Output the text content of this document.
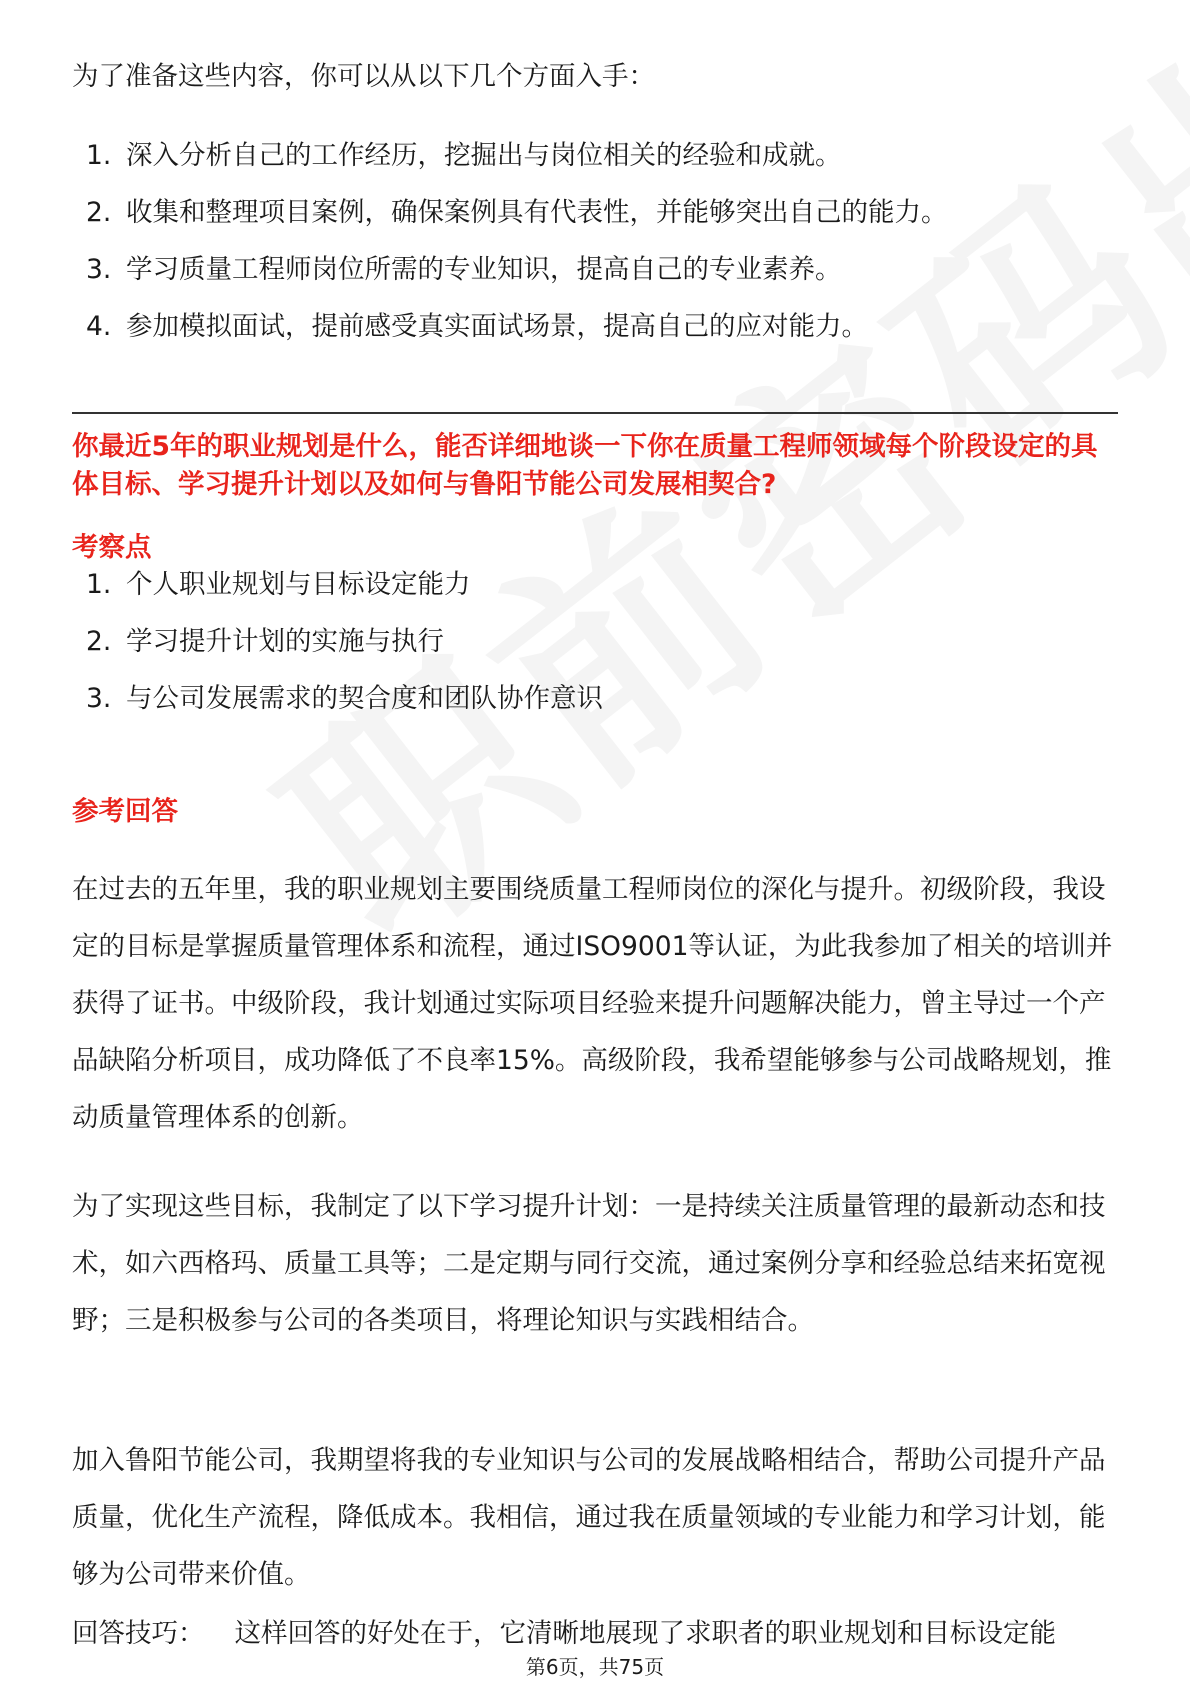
为了准备这些内容，你可以从以下几个方面入手：
1. 深入分析自己的工作经历，挖掘出与岗位相关的经验和成就。
2. 收集和整理项目案例，确保案例具有代表性，并能够突出自己的能力。
3. 学习质量工程师岗位所需的专业知识，提高自己的专业素养。
4. 参加模拟面试，提前感受真实面试场景，提高自己的应对能力。
你最近5年的职业规划是什么，能否详细地谈一下你在质量工程师领域每个阶段设定的具体目标、学习提升计划以及如何与鲁阳节能公司发展相契合?
考察点
1. 个人职业规划与目标设定能力
2. 学习提升计划的实施与执行
3. 与公司发展需求的契合度和团队协作意识
参考回答
在过去的五年里，我的职业规划主要围绕质量工程师岗位的深化与提升。初级阶段，我设定的目标是掌握质量管理体系和流程，通过ISO9001等认证，为此我参加了相关的培训并获得了证书。中级阶段，我计划通过实际项目经验来提升问题解决能力，曾主导过一个产品缺陷分析项目，成功降低了不良率15%。高级阶段，我希望能够参与公司战略规划，推动质量管理体系的创新。
为了实现这些目标，我制定了以下学习提升计划：一是持续关注质量管理的最新动态和技术，如六西格玛、质量工具等；二是定期与同行交流，通过案例分享和经验总结来拓宽视野；三是积极参与公司的各类项目，将理论知识与实践相结合。
加入鲁阳节能公司，我期望将我的专业知识与公司的发展战略相结合，帮助公司提升产品质量，优化生产流程，降低成本。我相信，通过我在质量领域的专业能力和学习计划，能够为公司带来价值。
回答技巧： 这样回答的好处在于，它清晰地展现了求职者的职业规划和目标设定能
第6页，共75页
